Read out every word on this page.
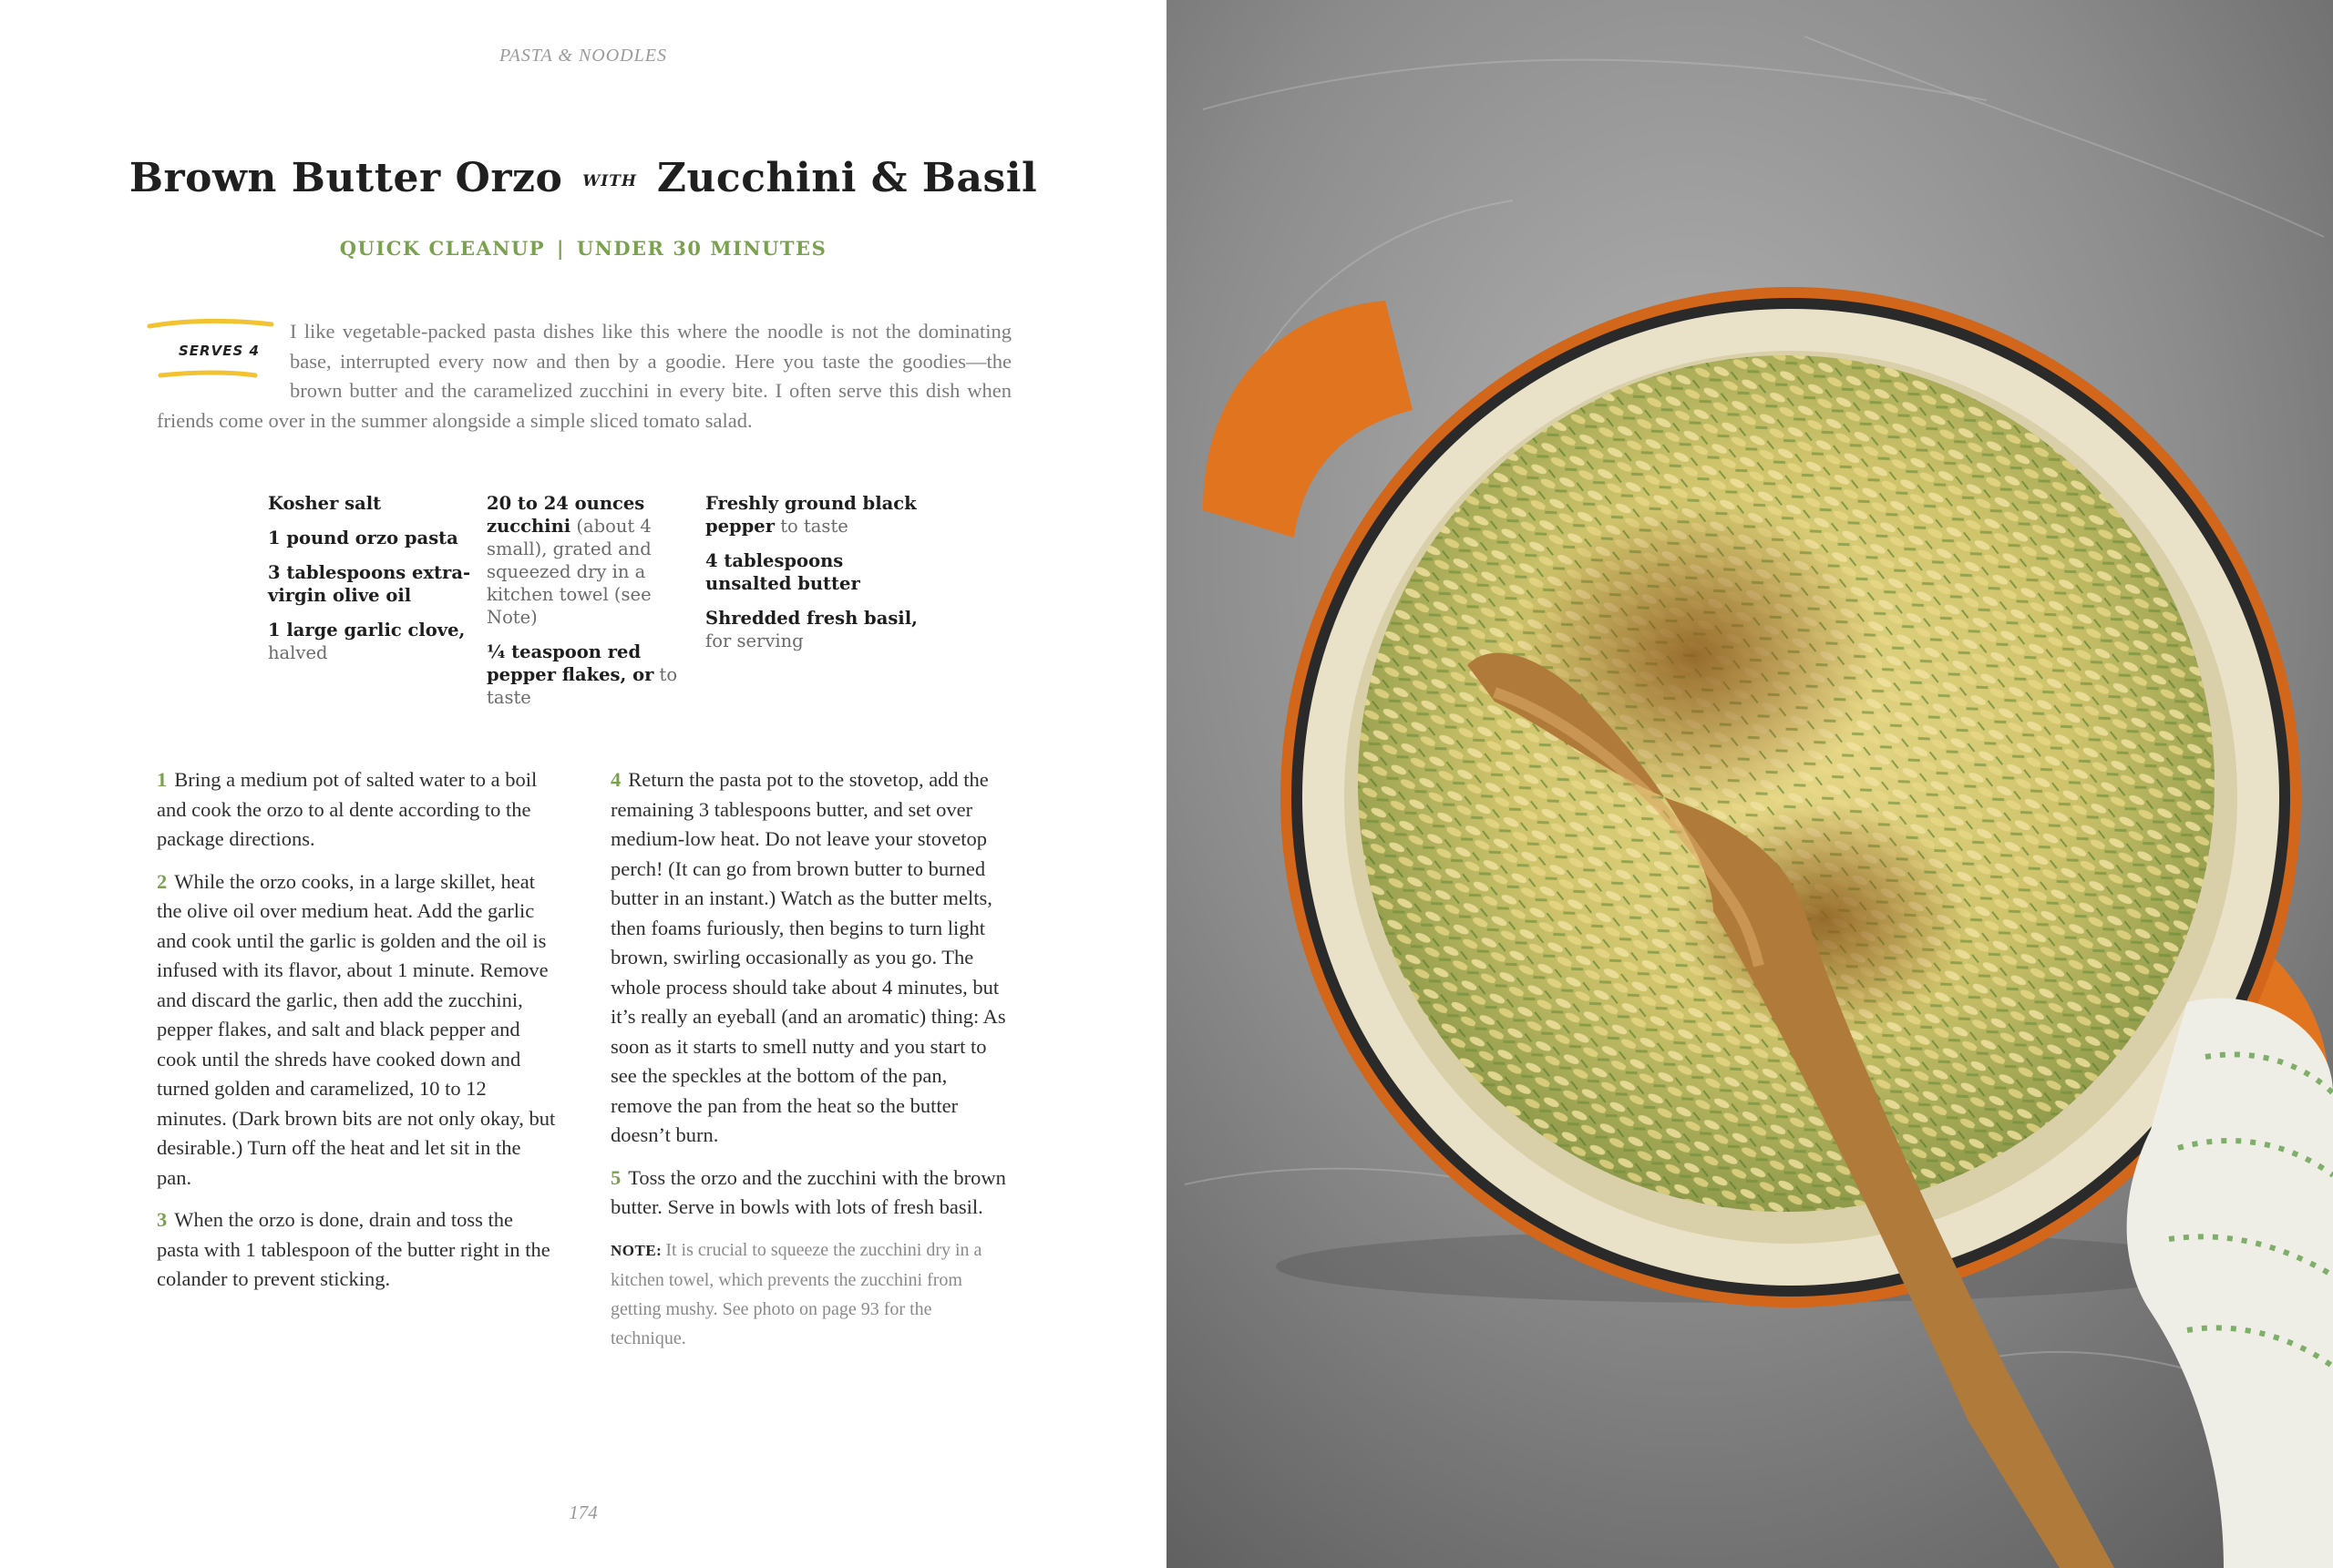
PASTA & NOODLES
Brown Butter Orzo WITH Zucchini & Basil
QUICK CLEANUP | UNDER 30 MINUTES
SERVES 4

I like vegetable-packed pasta dishes like this where the noodle is not the dominating base, interrupted every now and then by a goodie. Here you taste the goodies—the brown butter and the caramelized zucchini in every bite. I often serve this dish when friends come over in the summer alongside a simple sliced tomato salad.

Kosher salt
1 pound orzo pasta
3 tablespoons extra-virgin olive oil
1 large garlic clove, halved
20 to 24 ounces zucchini (about 4 small), grated and squeezed dry in a kitchen towel (see Note)
¼ teaspoon red pepper flakes, or to taste
Freshly ground black pepper to taste
4 tablespoons unsalted butter
Shredded fresh basil, for serving

1 Bring a medium pot of salted water to a boil and cook the orzo to al dente according to the package directions.

2 While the orzo cooks, in a large skillet, heat the olive oil over medium heat. Add the garlic and cook until the garlic is golden and the oil is infused with its flavor, about 1 minute. Remove and discard the garlic, then add the zucchini, pepper flakes, and salt and black pepper and cook until the shreds have cooked down and turned golden and caramelized, 10 to 12 minutes. (Dark brown bits are not only okay, but desirable.) Turn off the heat and let sit in the pan.

3 When the orzo is done, drain and toss the pasta with 1 tablespoon of the butter right in the colander to prevent sticking.

4 Return the pasta pot to the stovetop, add the remaining 3 tablespoons butter, and set over medium-low heat. Do not leave your stovetop perch! (It can go from brown butter to burned butter in an instant.) Watch as the butter melts, then foams furiously, then begins to turn light brown, swirling occasionally as you go. The whole process should take about 4 minutes, but it’s really an eyeball (and an aromatic) thing: As soon as it starts to smell nutty and you start to see the speckles at the bottom of the pan, remove the pan from the heat so the butter doesn’t burn.

5 Toss the orzo and the zucchini with the brown butter. Serve in bowls with lots of fresh basil.

NOTE: It is crucial to squeeze the zucchini dry in a kitchen towel, which prevents the zucchini from getting mushy. See photo on page 93 for the technique.

174
